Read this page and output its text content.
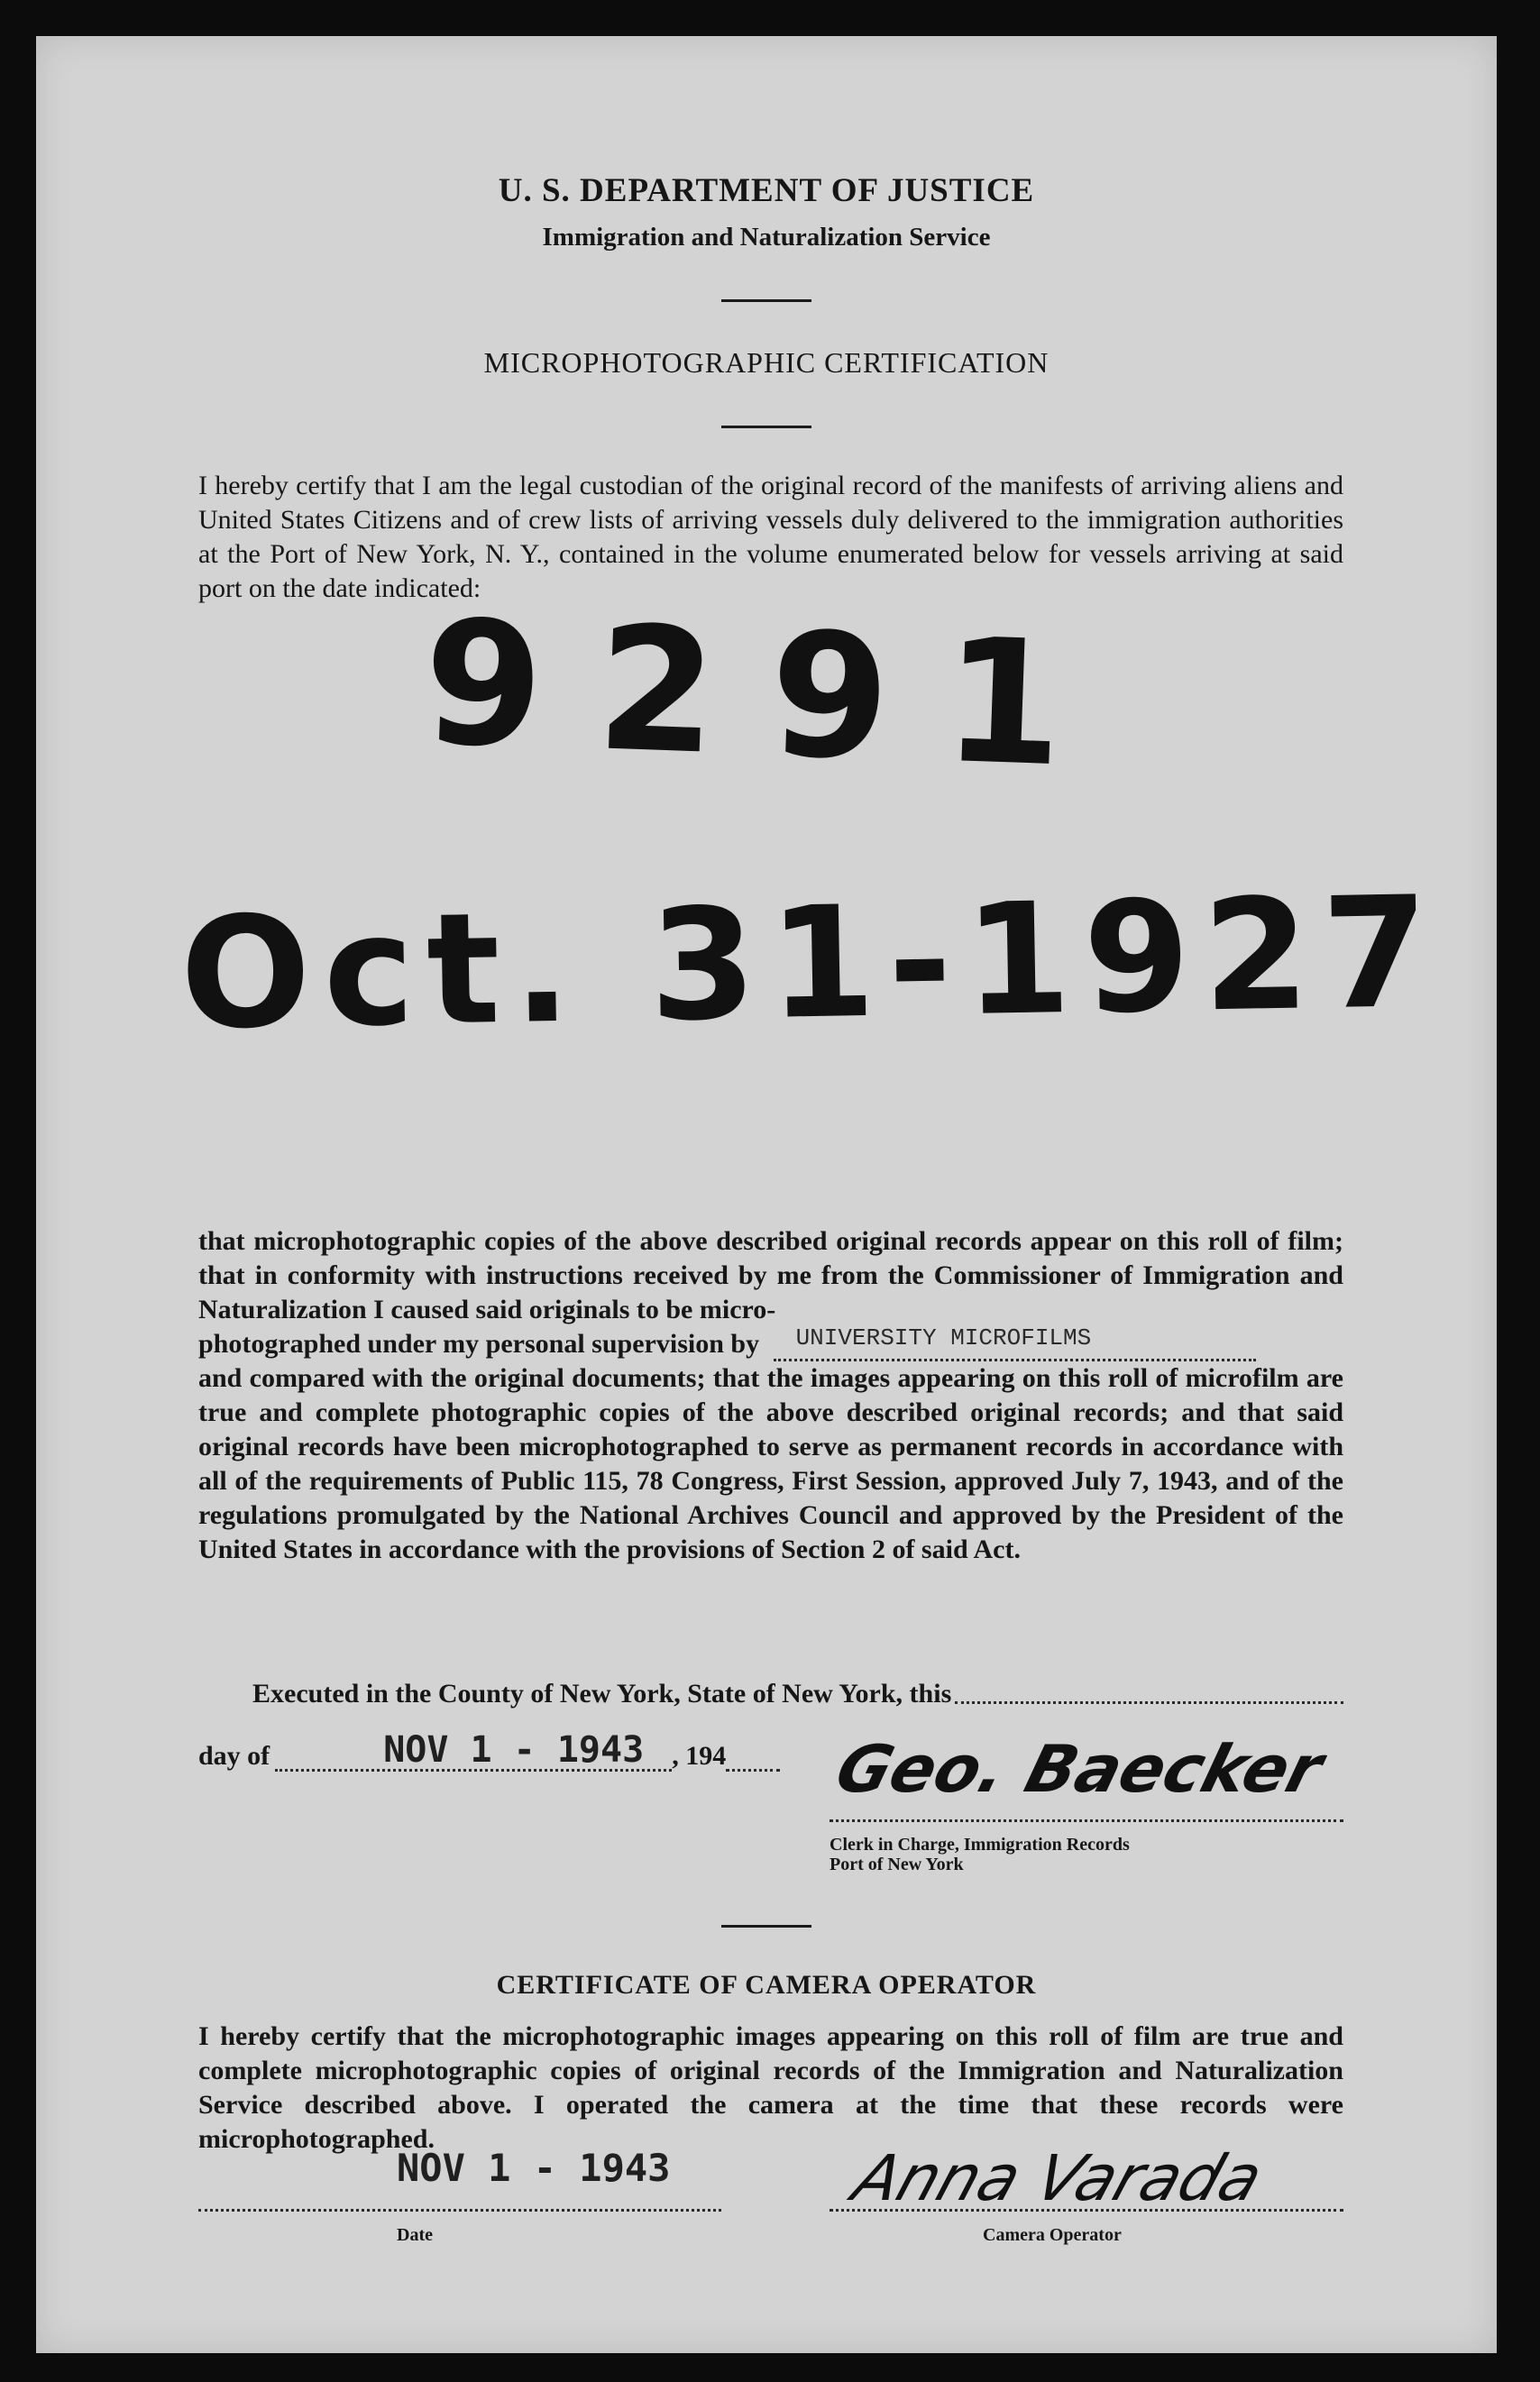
U. S. DEPARTMENT OF JUSTICE
Immigration and Naturalization Service
MICROPHOTOGRAPHIC CERTIFICATION
I hereby certify that I am the legal custodian of the original record of the manifests of arriving aliens and United States Citizens and of crew lists of arriving vessels duly delivered to the immigration authorities at the Port of New York, N. Y., contained in the volume enumerated below for vessels arriving at said port on the date indicated:
9291
Oct. 31-1927
that microphotographic copies of the above described original records appear on this roll of film; that in conformity with instructions received by me from the Commissioner of Immigration and Naturalization I caused said originals to be micro-
photographed under my personal supervision by UNIVERSITY MICROFILMS
and compared with the original documents; that the images appearing on this roll of microfilm are true and complete photographic copies of the above described original records; and that said original records have been microphotographed to serve as permanent records in accordance with all of the requirements of Public 115, 78 Congress, First Session, approved July 7, 1943, and of the regulations promulgated by the National Archives Council and approved by the President of the United States in accordance with the provisions of Section 2 of said Act.
Executed in the County of New York, State of New York, this
day of	NOV 1 - 1943 , 194 Geo. Baecker
Clerk in Charge, Immigration Records
Port of New York
CERTIFICATE OF CAMERA OPERATOR
I hereby certify that the microphotographic images appearing on this roll of film are true and complete microphotographic copies of original records of the Immigration and Naturalization Service described above. I operated the camera at the time that these records were microphotographed.
NOV 1 - 1943
Date
Anna Varada
Camera Operator
